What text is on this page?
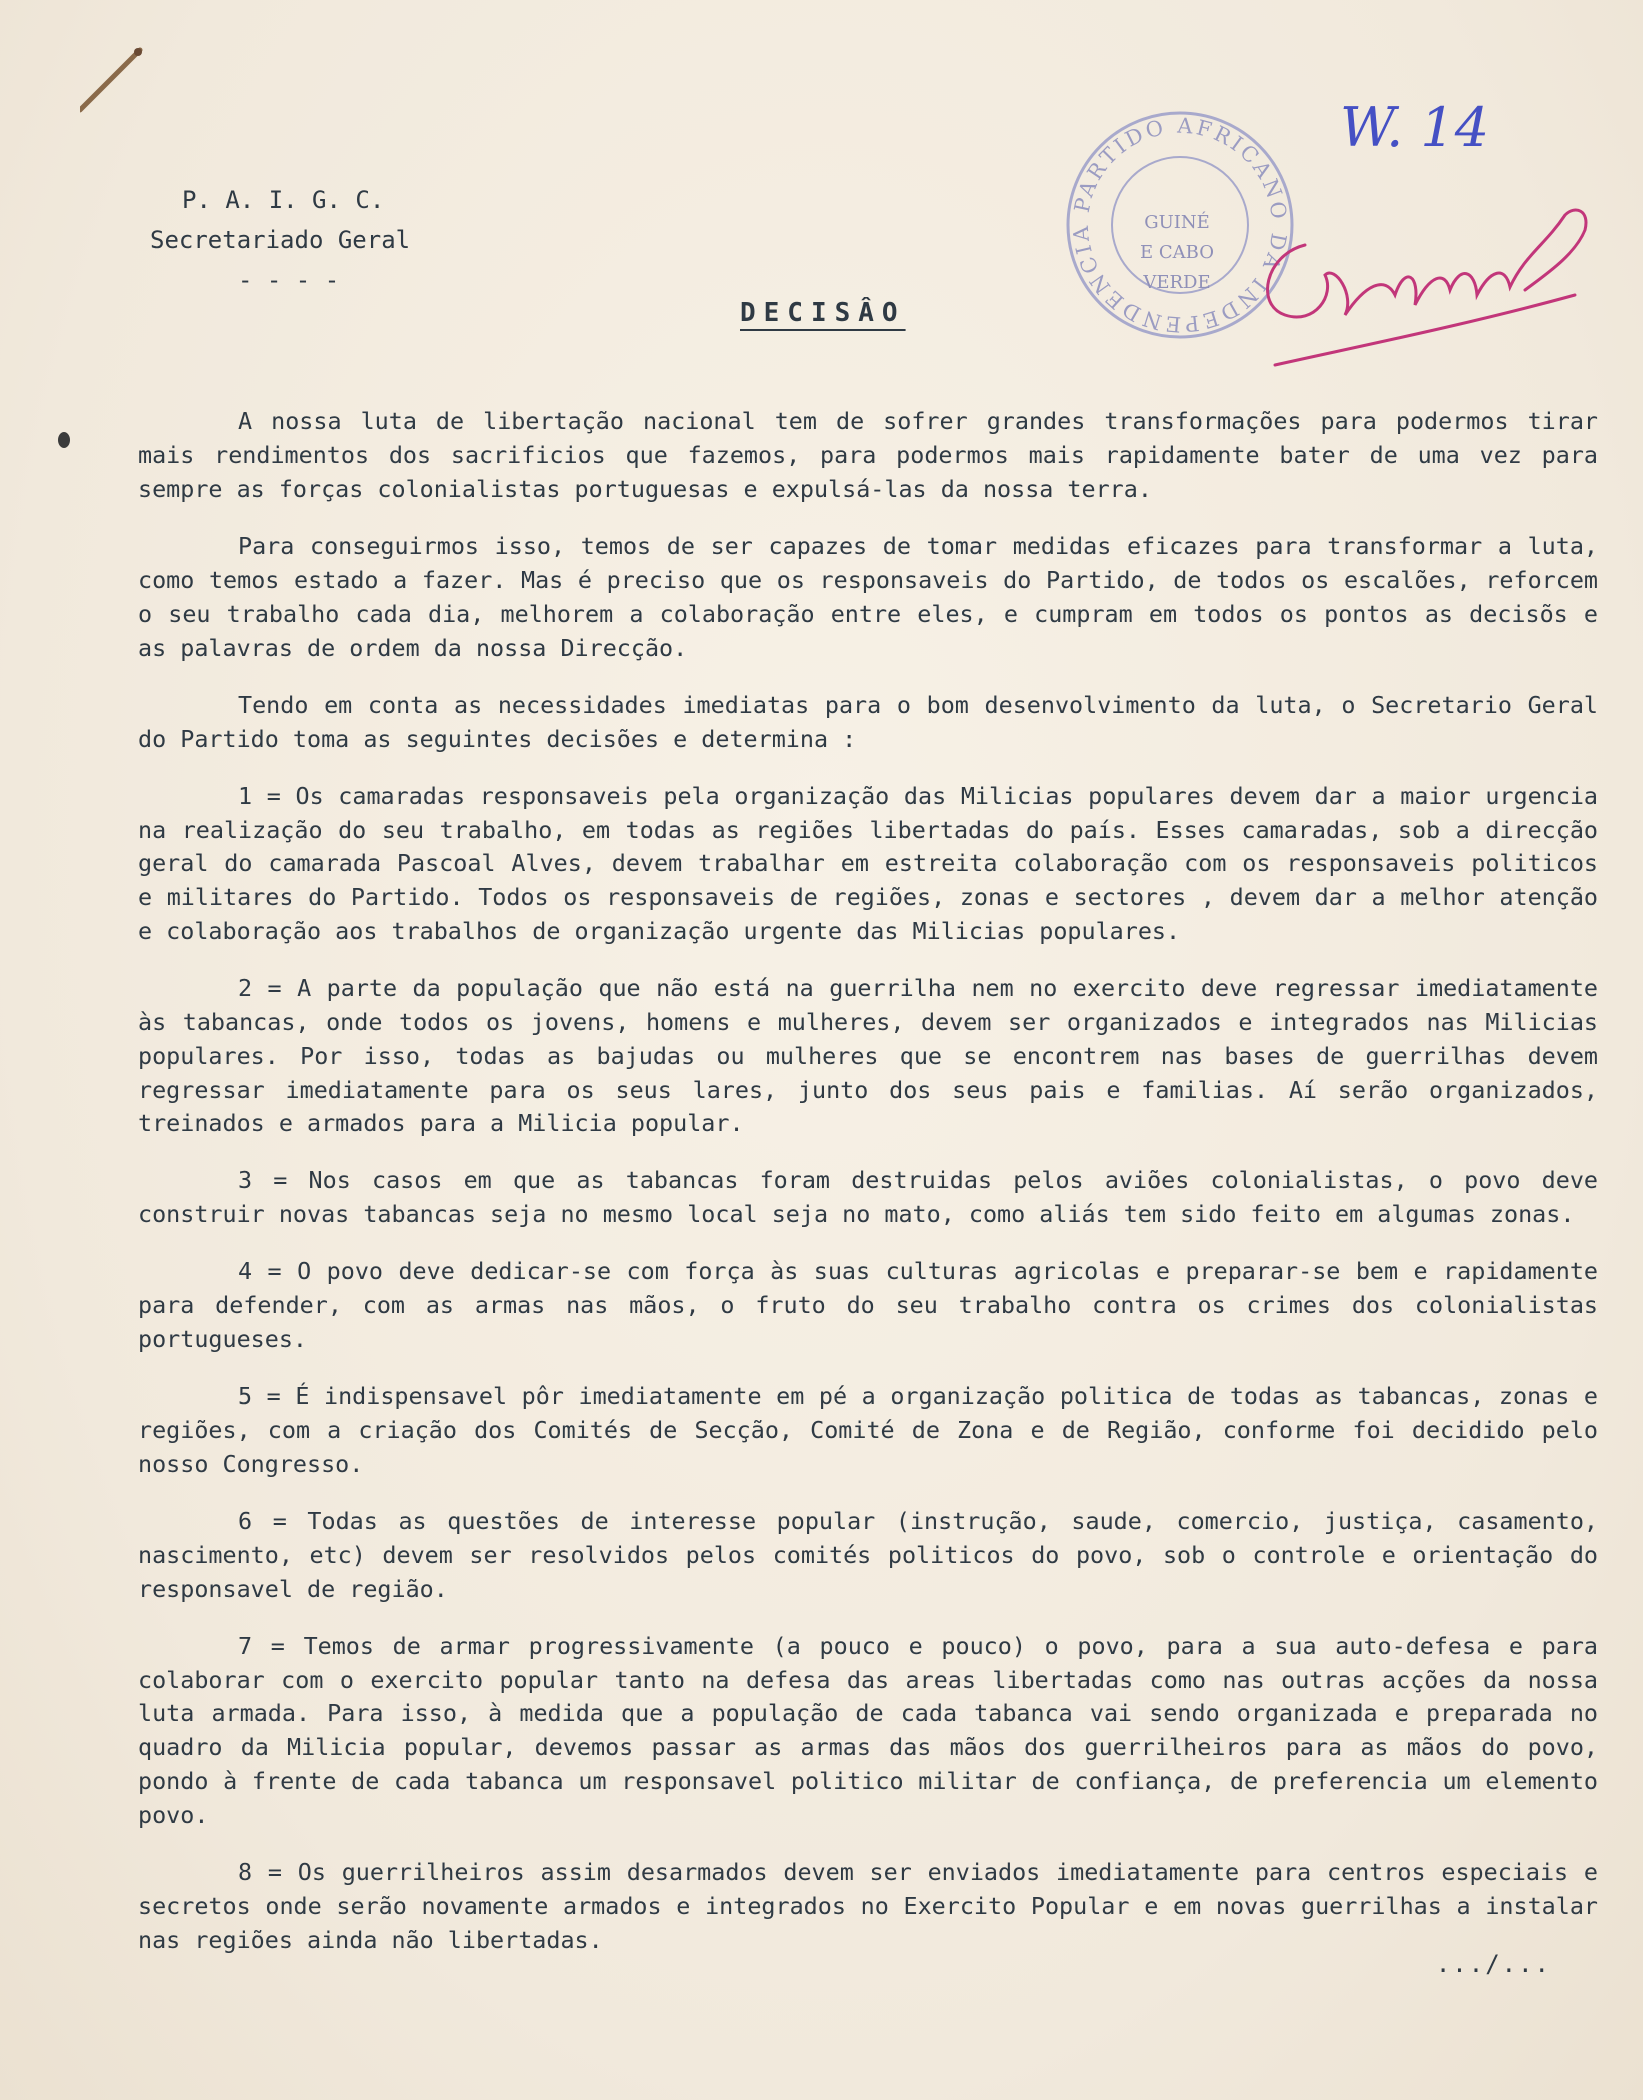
P. A. I. G. C.
Secretariado Geral
- - - -
PARTIDO AFRICANO DA INDEPENDENCIA	GUINÉ
E CABO VERDE
W. 14
DECISÂO

A nossa luta de libertação nacional tem de sofrer grandes transformações para podermos tirar mais rendimentos dos sacrificios que fazemos, para podermos mais rapidamente bater de uma vez para sempre as forças colonialistas portuguesas e expulsá-las da nossa terra.

Para conseguirmos isso, temos de ser capazes de tomar medidas eficazes para transformar a luta, como temos estado a fazer. Mas é preciso que os responsaveis do Partido, de todos os escalões, reforcem o seu trabalho cada dia, melhorem a colaboração entre eles, e cumpram em todos os pontos as decisõs e as palavras de ordem da nossa Direcção.

Tendo em conta as necessidades imediatas para o bom desenvolvimento da luta, o Secretario Geral do Partido toma as seguintes decisões e determina :

1 = Os camaradas responsaveis pela organização das Milicias populares devem dar a maior urgencia na realização do seu trabalho, em todas as regiões libertadas do país. Esses camaradas, sob a direcção geral do camarada Pascoal Alves, devem trabalhar em estreita colaboração com os responsaveis politicos e militares do Partido. Todos os responsaveis de regiões, zonas e sectores , devem dar a melhor atenção e colaboração aos trabalhos de organização urgente das Milicias populares.

2 = A parte da população que não está na guerrilha nem no exercito deve regressar imediatamente às tabancas, onde todos os jovens, homens e mulheres, devem ser organizados e integrados nas Milicias populares. Por isso, todas as bajudas ou mulheres que se encontrem nas bases de guerrilhas devem regressar imediatamente para os seus lares, junto dos seus pais e familias. Aí serão organizados, treinados e armados para a Milicia popular.

3 = Nos casos em que as tabancas foram destruidas pelos aviões colonialistas, o povo deve construir novas tabancas seja no mesmo local seja no mato, como aliás tem sido feito em algumas zonas.

4 = O povo deve dedicar-se com força às suas culturas agricolas e preparar-se bem e rapidamente para defender, com as armas nas mãos, o fruto do seu trabalho contra os crimes dos colonialistas portugueses.

5 = É indispensavel pôr imediatamente em pé a organização politica de todas as tabancas, zonas e regiões, com a criação dos Comités de Secção, Comité de Zona e de Região, conforme foi decidido pelo nosso Congresso.

6 = Todas as questões de interesse popular (instrução, saude, comercio, justiça, casamento, nascimento, etc) devem ser resolvidos pelos comités politicos do povo, sob o controle e orientação do responsavel de região.

7 = Temos de armar progressivamente (a pouco e pouco) o povo, para a sua auto-defesa e para colaborar com o exercito popular tanto na defesa das areas libertadas como nas outras acções da nossa luta armada. Para isso, à medida que a população de cada tabanca vai sendo organizada e preparada no quadro da Milicia popular, devemos passar as armas das mãos dos guerrilheiros para as mãos do povo, pondo à frente de cada tabanca um responsavel politico militar de confiança, de preferencia um elemento povo.

8 = Os guerrilheiros assim desarmados devem ser enviados imediatamente para centros especiais e secretos onde serão novamente armados e integrados no Exercito Popular e em novas guerrilhas a instalar nas regiões ainda não libertadas.

.../...
